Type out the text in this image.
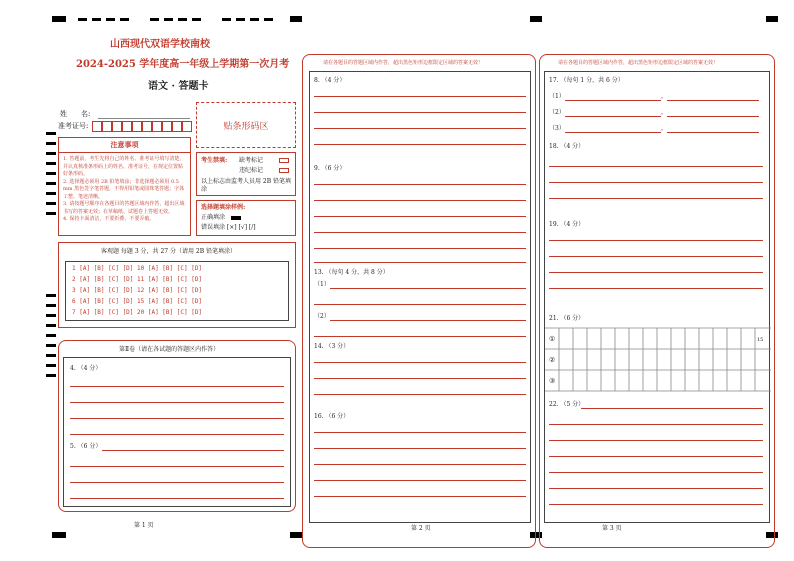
山西现代双语学校南校
2024-2025 学年度高一年级上学期第一次月考
语文 · 答题卡
姓　　名:
准考证号:	贴条形码区
注意事项
1. 答题前，考生先将自己的姓名、准考证号填写清楚，并认真核准条形码上的姓名、准考证号，在规定位置贴好条形码。
2. 选择题必须用 2B 铅笔填涂；非选择题必须用 0.5 mm 黑色签字笔答题，不得用铅笔或圆珠笔答题；字体工整、笔迹清晰。
3. 请按题号顺序在各题目的答题区域内作答，超出区域书写的答案无效；在草稿纸、试题卷上答题无效。
4. 保持卡面清洁，不要折叠、不要弄破。
考生禁填: 缺考标记
违纪标记
以上标志由监考人员用 2B 铅笔填涂
选择题填涂样例:
正确填涂
错误填涂 [×] [√] [/]
客观题 每题 3 分，共 27 分（请用 2B 铅笔填涂）
1 [A] [B] [C] [D] 10 [A] [B] [C] [D]
2 [A] [B] [C] [D] 11 [A] [B] [C] [D]
3 [A] [B] [C] [D] 12 [A] [B] [C] [D]
6 [A] [B] [C] [D] 15 [A] [B] [C] [D]
7 [A] [B] [C] [D] 20 [A] [B] [C] [D]
第Ⅱ卷（请在各试题的答题区内作答）
4. （4 分）
5. （6 分）
第 1 页
请在各题目的答题区域内作答，超出黑色矩形边框限定区域的答案无效！
8. （4 分）
9. （6 分）
13. （每句 4 分，共 8 分）
（1）
（2）
14. （3 分）
16. （6 分）
第 2 页
请在各题目的答题区域内作答，超出黑色矩形边框限定区域的答案无效！
17. （每句 1 分，共 6 分）
（1）	，
（2）	，
（3）	，
18. （4 分）
19. （4 分）
21. （6 分）
①
②
③
15
22. （5 分）
第 3 页
